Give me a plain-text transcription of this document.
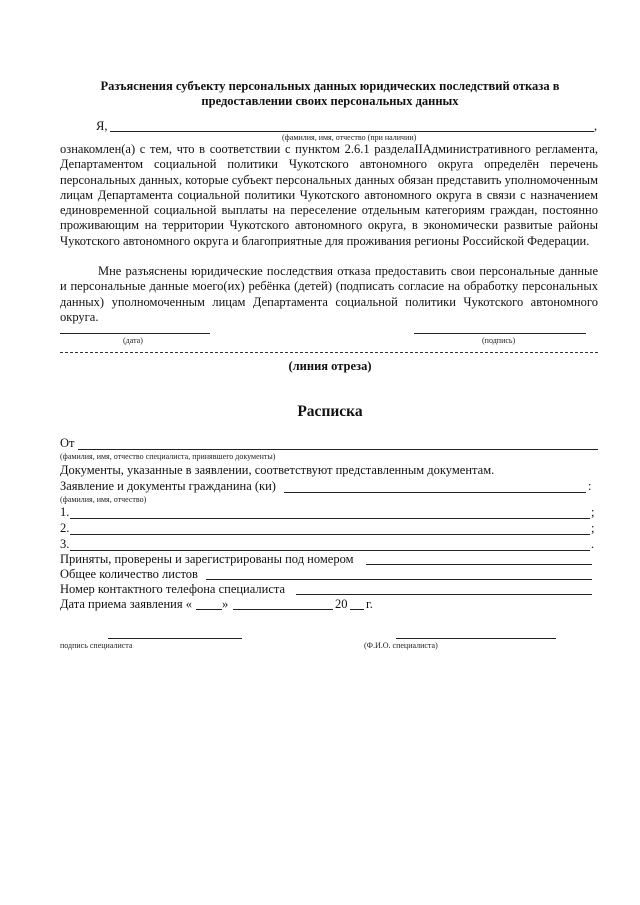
Разъяснения субъекту персональных данных юридических последствий отказа в
предоставлении своих персональных данных
Я,	,
(фамилия, имя, отчество (при наличии)
ознакомлен(а) с тем, что в соответствии с пунктом 2.6.1 разделаIIАдминистративного регламента, Департаментом социальной политики Чукотского автономного округа определён перечень персональных данных, которые субъект персональных данных обязан представить уполномоченным лицам Департамента социальной политики Чукотского автономного округа в связи с назначением единовременной социальной выплаты на переселение отдельным категориям граждан, постоянно проживающим на территории Чукотского автономного округа, в экономически развитые районы Чукотского автономного округа и благоприятные для проживания регионы Российской Федерации.
Мне разъяснены юридические последствия отказа предоставить свои персональные данные и персональные данные моего(их) ребёнка (детей) (подписать согласие на обработку персональных данных) уполномоченным лицам Департамента социальной политики Чукотского автономного округа.
(дата)	(подпись)
(линия отреза)
Расписка
От
(фамилия, имя, отчество специалиста, принявшего документы)
Документы, указанные в заявлении, соответствуют представленным документам.
Заявление и документы гражданина (ки)	:
(фамилия, имя, отчество)
1.	;
2.	;
3.	.
Приняты, проверены и зарегистрированы под номером
Общее количество листов
Номер контактного телефона специалиста
Дата приема заявления « »	20 г.
подпись специалиста	(Ф.И.О. специалиста)
